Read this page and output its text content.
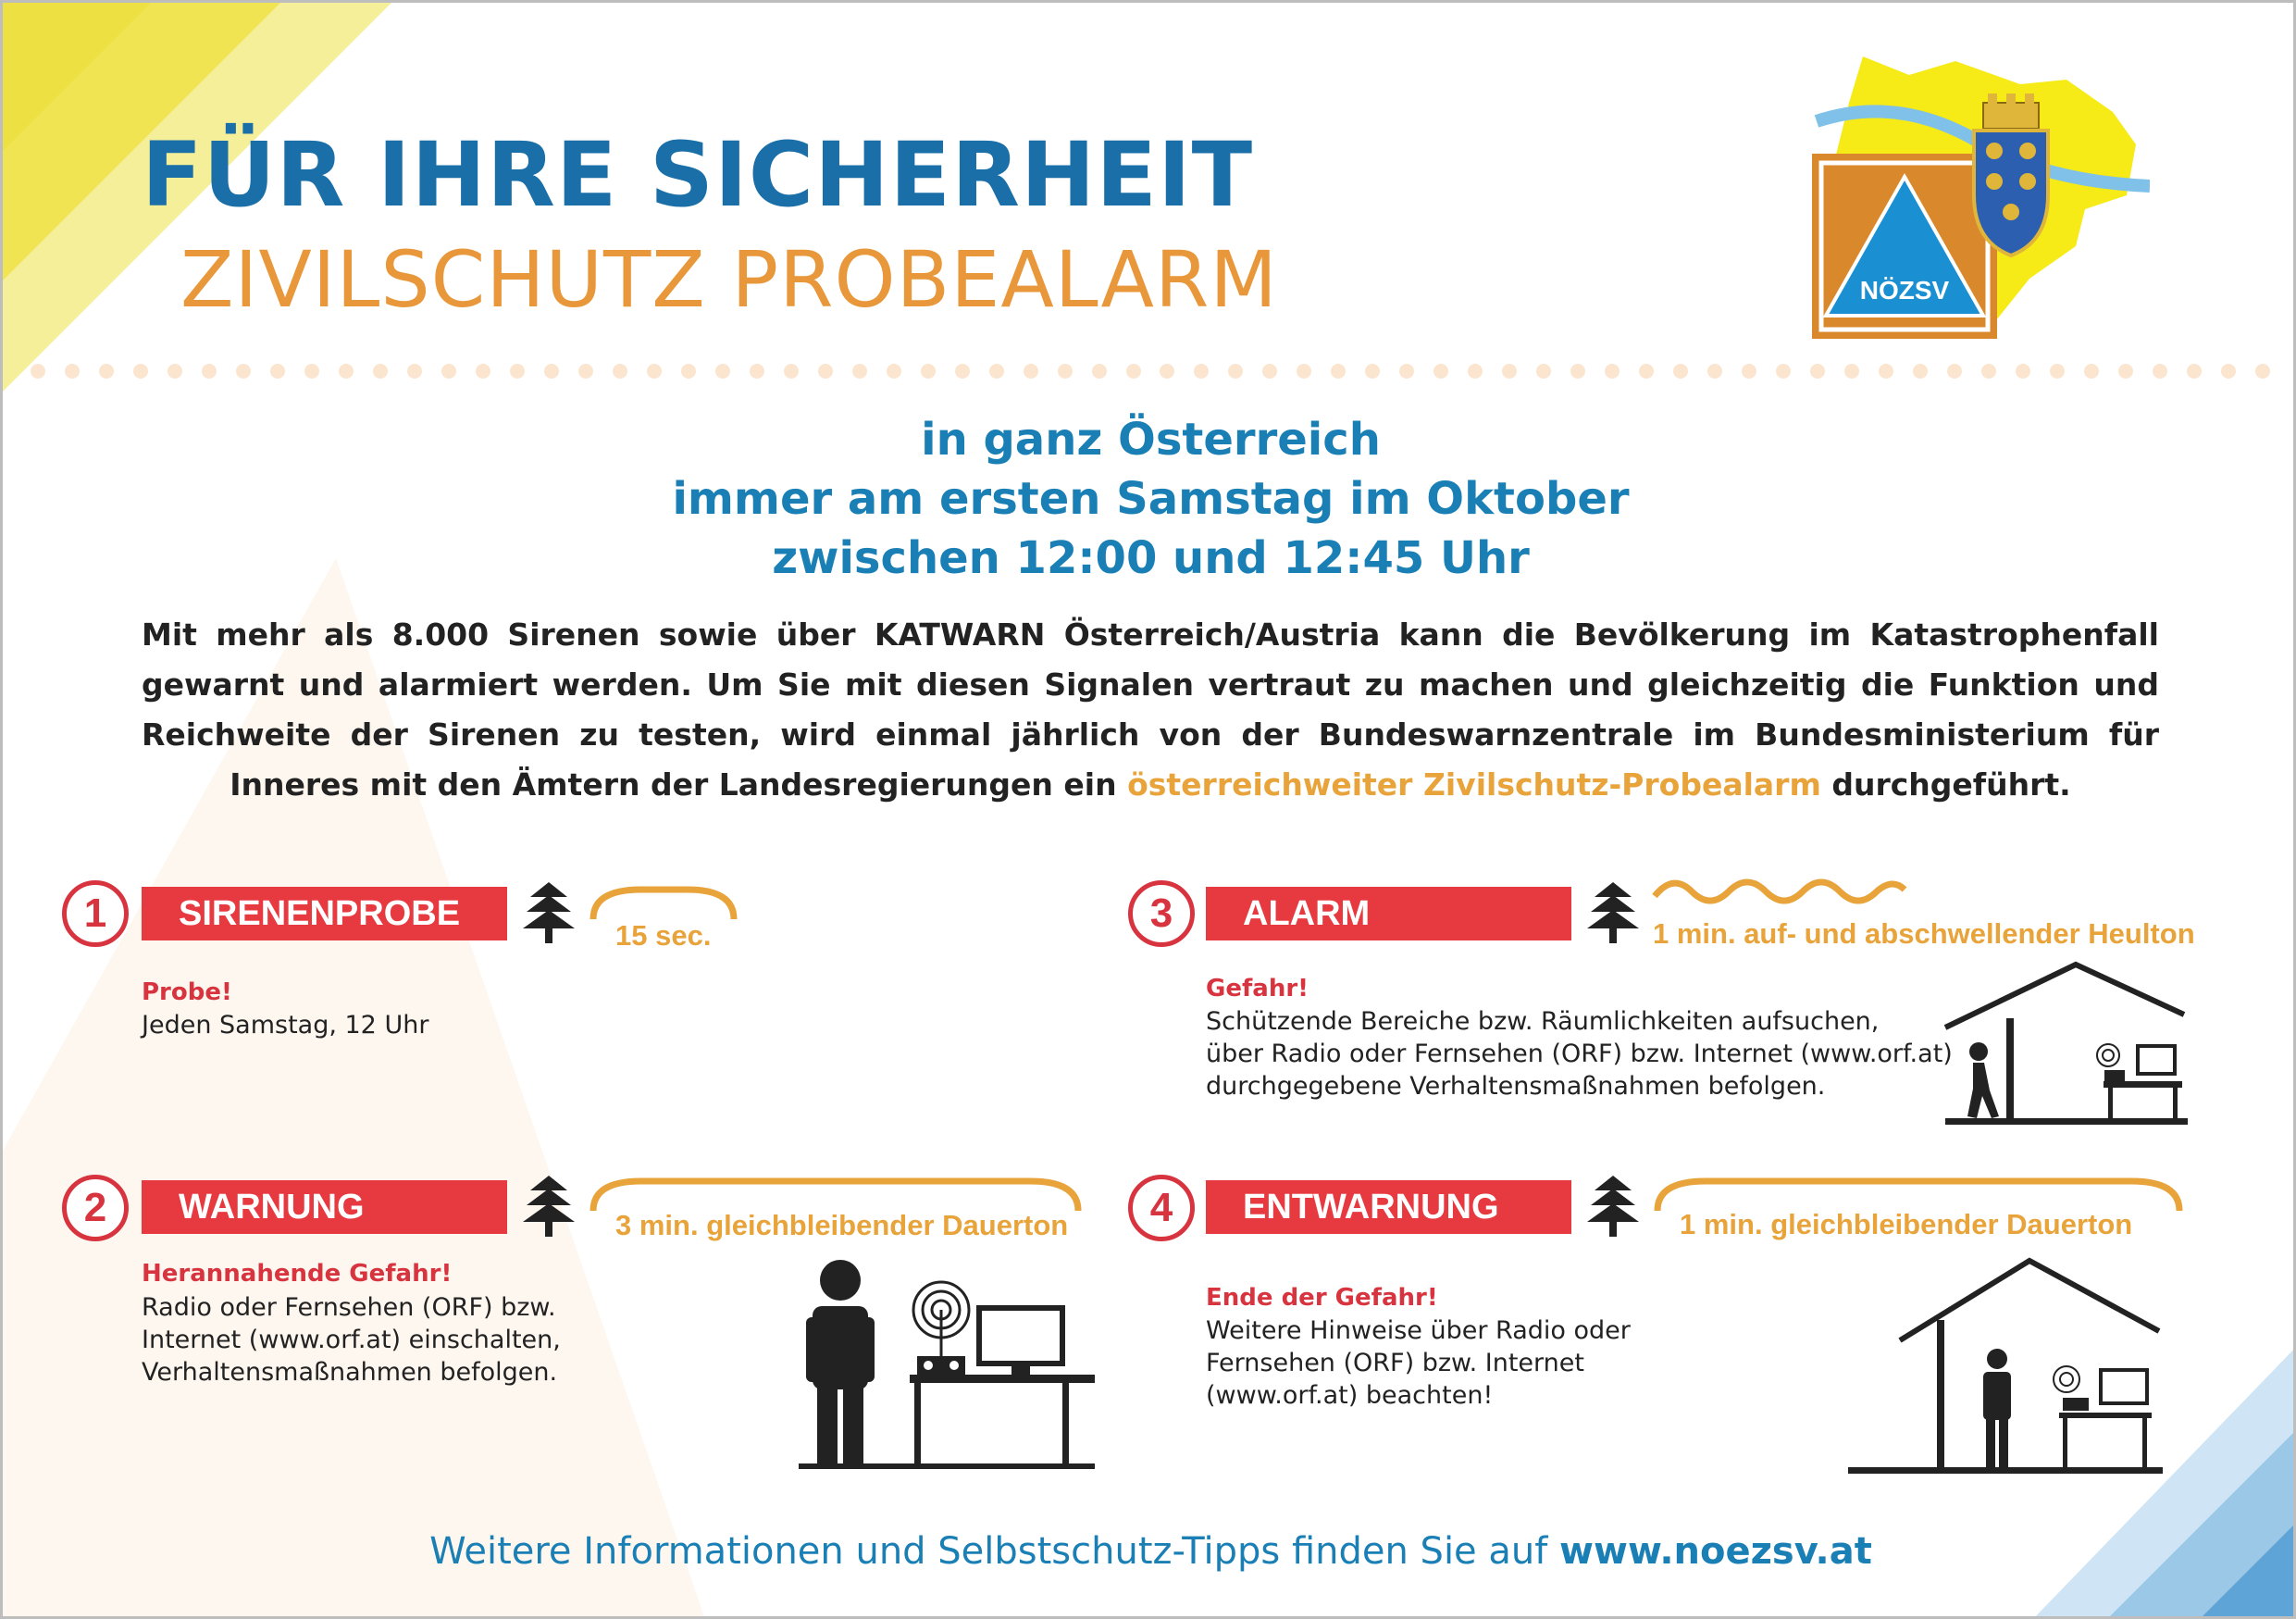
FÜR IHRE SICHERHEIT
ZIVILSCHUTZ PROBEALARM	NÖZSV
in ganz Österreich
immer am ersten Samstag im Oktober
zwischen 12:00 und 12:45 Uhr
Mit mehr als 8.000 Sirenen sowie über KATWARN Österreich/Austria kann die Bevölkerung im Katastrophenfall gewarnt und alarmiert werden. Um Sie mit diesen Signalen vertraut zu machen und gleichzeitig die Funktion und Reichweite der Sirenen zu testen, wird einmal jährlich von der Bundeswarnzentrale im Bundesministerium für Inneres mit den Ämtern der Landesregierungen ein österreichweiter Zivilschutz-Probealarm durchgeführt.
1	SIRENENPROBE
15 sec.
Probe!
Jeden Samstag, 12 Uhr
2	WARNUNG	3 min. gleichbleibender Dauerton
Herannahende Gefahr!
Radio oder Fernsehen (ORF) bzw.
Internet (www.orf.at) einschalten,
Verhaltensmaßnahmen befolgen.
3	ALARM
1 min. auf- und abschwellender Heulton
Gefahr!
Schützende Bereiche bzw. Räumlichkeiten aufsuchen,
über Radio oder Fernsehen (ORF) bzw. Internet (www.orf.at)
durchgegebene Verhaltensmaßnahmen befolgen.
4	ENTWARNUNG	1 min. gleichbleibender Dauerton
Ende der Gefahr!
Weitere Hinweise über Radio oder
Fernsehen (ORF) bzw. Internet
(www.orf.at) beachten!
Weitere Informationen und Selbstschutz-Tipps finden Sie auf www.noezsv.at
